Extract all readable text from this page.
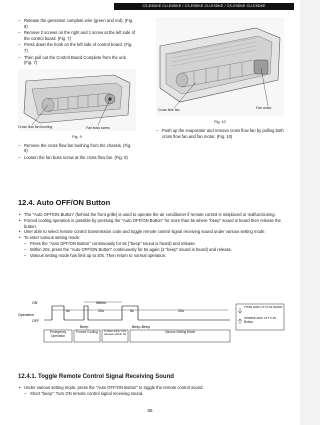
CS-E9DKE CU-E9DKE / CS-E9DKE CU-E9DKE / CS-E9DKE CU-E9DKE
– Release the generator complete wire (green and red). (Fig. 8)
– Remove 2 screws on the right and 1 screw at the left side of the control board. (Fig. 7)
– Press down the hook on the left side of control board. (Fig. 7)
– Then pull out the Control Board Complete from the unit. (Fig. 7)
Cross flow fan bushing	Fan boss screw
Fig. 9
– Remove the cross flow fan bushing from the chassis. (Fig. 9)
– Loosen the fan boss screw at the cross flow fan. (Fig. 9)
Cross flow fan	Fan motor
Fig. 10
– Push up the evaporator and remove cross flow fan by pulling both cross flow fan and fan motor. (Fig. 10)
12.4. Auto OFF/ON Button
• The "Auto OFF/ON Button" (behind the front grille) is used to operate the air conditioner if remote control is misplaced or malfunctioning.
• Forced cooling operation is possible by pressing the "Auto OFF/ON Button" for more than 5s where "beep" sound is heard then release the button.
• User able to select remote control transmission code and toggle remote control signal receiving sound under various setting mode.
• To enter various setting mode:
– Press the "Auto OFF/ON Button" continuously for 5s ("beep" sound is heard) and release.
– Within 20s, press the "Auto OFF/ON Button" continuously for 5s again (2 "beep" sound is heard) and release.
– Various setting mode has limit up to 20s. Then return to normal operation.
ON
Operation
OFF
Within
5s	20s	5s	20s
Beep	Beep-Beep
Emergency Operation
Forced Cooling	If Auto OFF/ ON release within 5s
Various Setting Mode
Press Auto OFF/ON Button
Release Auto OFF/ON Button
12.4.1. Toggle Remote Control Signal Receiving Sound
• Under various setting mode, press the "Auto OFF/ON Button" to toggle the remote control sound.
– Short "beep": Turn ON remote control signal receiving sound.
65
